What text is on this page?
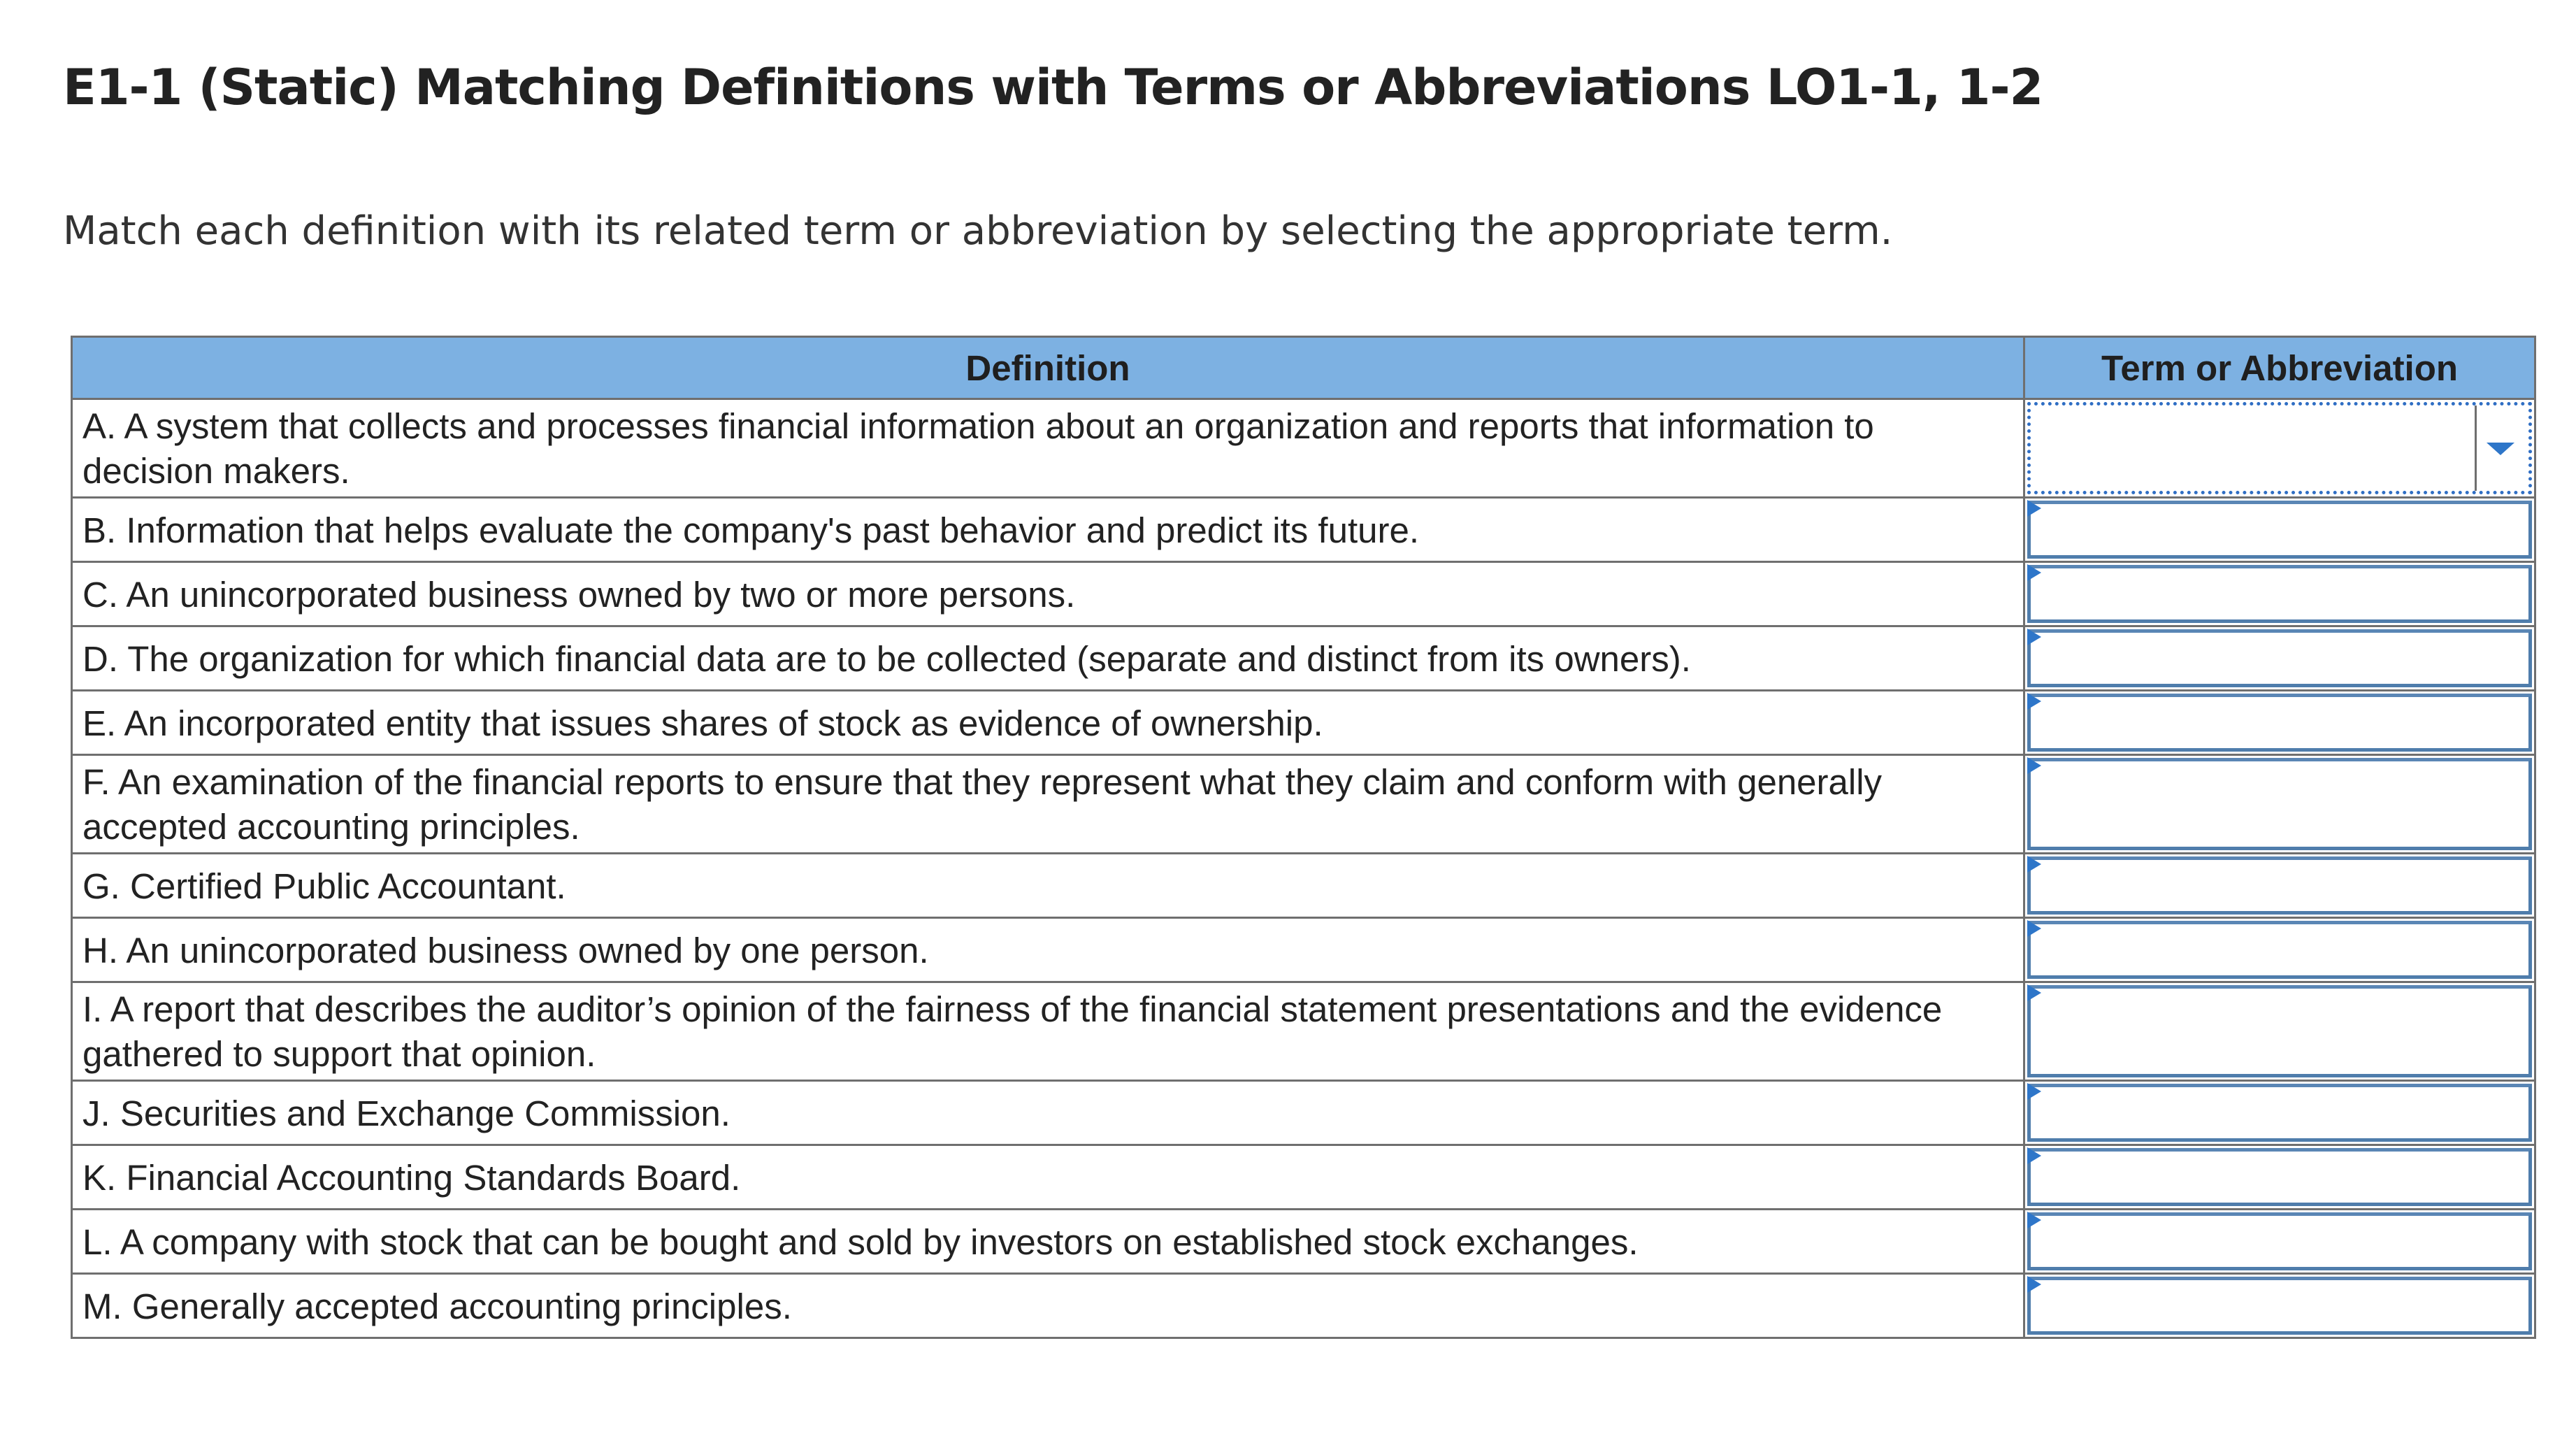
E1-1 (Static) Matching Definitions with Terms or Abbreviations LO1-1, 1-2

Match each definition with its related term or abbreviation by selecting the appropriate term.

Definition	Term or Abbreviation
A. A system that collects and processes financial information about an organization and reports that information to decision makers.	

B. Information that helps evaluate the company's past behavior and predict its future.	

C. An unincorporated business owned by two or more persons.	

D. The organization for which financial data are to be collected (separate and distinct from its owners).	

E. An incorporated entity that issues shares of stock as evidence of ownership.	

F. An examination of the financial reports to ensure that they represent what they claim and conform with generally accepted accounting principles.	

G. Certified Public Accountant.	

H. An unincorporated business owned by one person.	

I. A report that describes the auditor’s opinion of the fairness of the financial statement presentations and the evidence gathered to support that opinion.	

J. Securities and Exchange Commission.	

K. Financial Accounting Standards Board.	

L. A company with stock that can be bought and sold by investors on established stock exchanges.	

M. Generally accepted accounting principles.	
